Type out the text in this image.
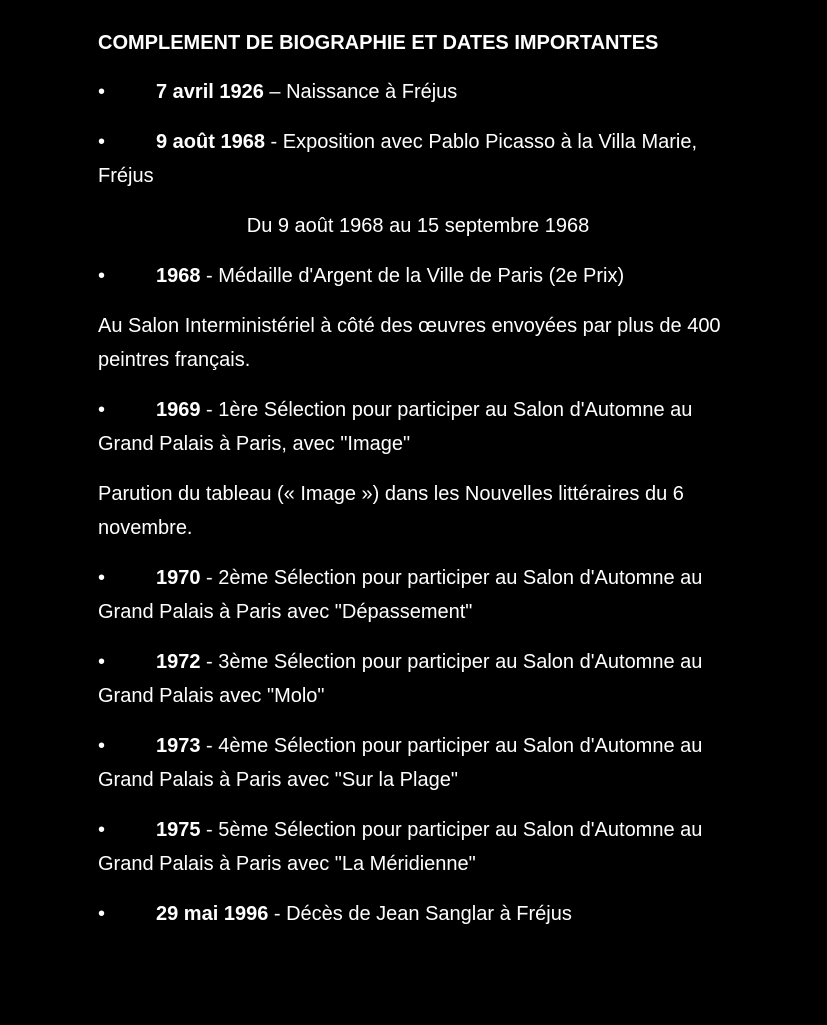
COMPLEMENT DE BIOGRAPHIE ET DATES IMPORTANTES

•	7 avril 1926 – Naissance à Fréjus

•	9 août 1968 - Exposition avec Pablo Picasso à la Villa Marie, Fréjus

Du 9 août 1968 au 15 septembre 1968

•	1968 - Médaille d'Argent de la Ville de Paris (2e Prix)

Au Salon Interministériel à côté des œuvres envoyées par plus de 400 peintres français.

•	1969 - 1ère Sélection pour participer au Salon d'Automne au Grand Palais à Paris, avec "Image"

Parution du tableau (« Image ») dans les Nouvelles littéraires du 6 novembre.

•	1970 - 2ème Sélection pour participer au Salon d'Automne au Grand Palais à Paris avec "Dépassement"

•	1972 - 3ème Sélection pour participer au Salon d'Automne au Grand Palais avec "Molo"

•	1973 - 4ème Sélection pour participer au Salon d'Automne au Grand Palais à Paris avec "Sur la Plage"

•	1975 - 5ème Sélection pour participer au Salon d'Automne au Grand Palais à Paris avec "La Méridienne"

•	29 mai 1996 - Décès de Jean Sanglar à Fréjus
